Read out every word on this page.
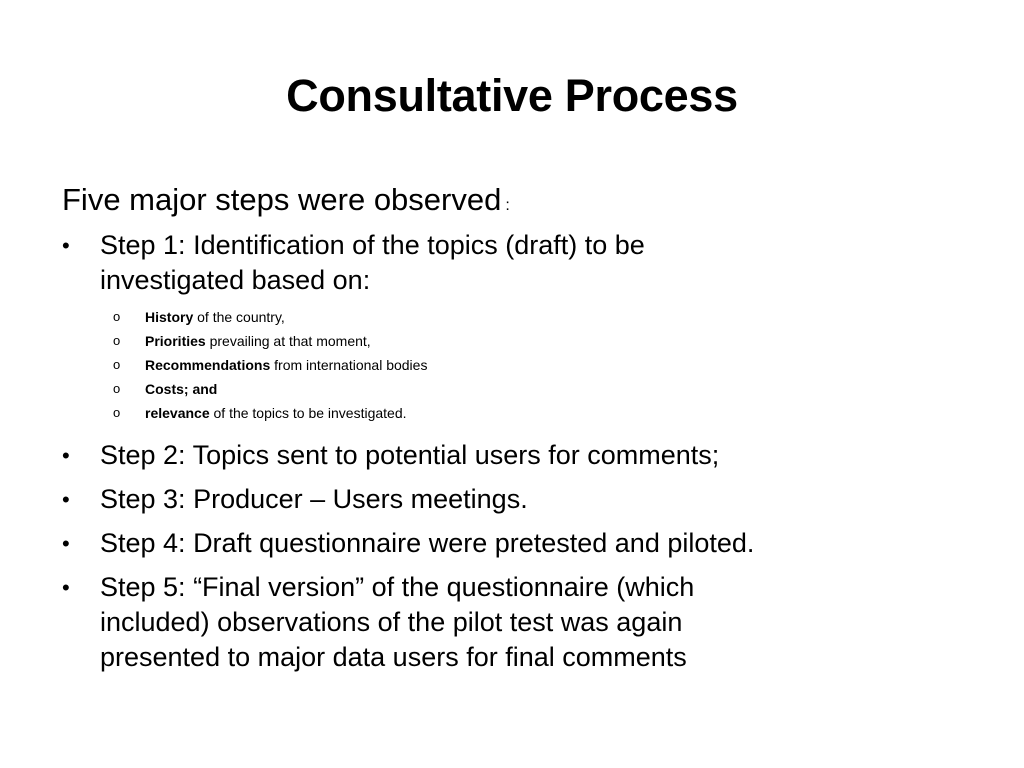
Consultative Process
Five major steps were observed :
• Step 1: Identification of the topics (draft) to be
investigated based on:
o History of the country,
o Priorities prevailing at that moment,
o Recommendations from international bodies
o Costs; and
o relevance of the topics to be investigated.
• Step 2: Topics sent to potential users for comments;
• Step 3: Producer – Users meetings.
• Step 4: Draft questionnaire were pretested and piloted.
• Step 5: “Final version” of the questionnaire (which
included) observations of the pilot test was again
presented to major data users for final comments
